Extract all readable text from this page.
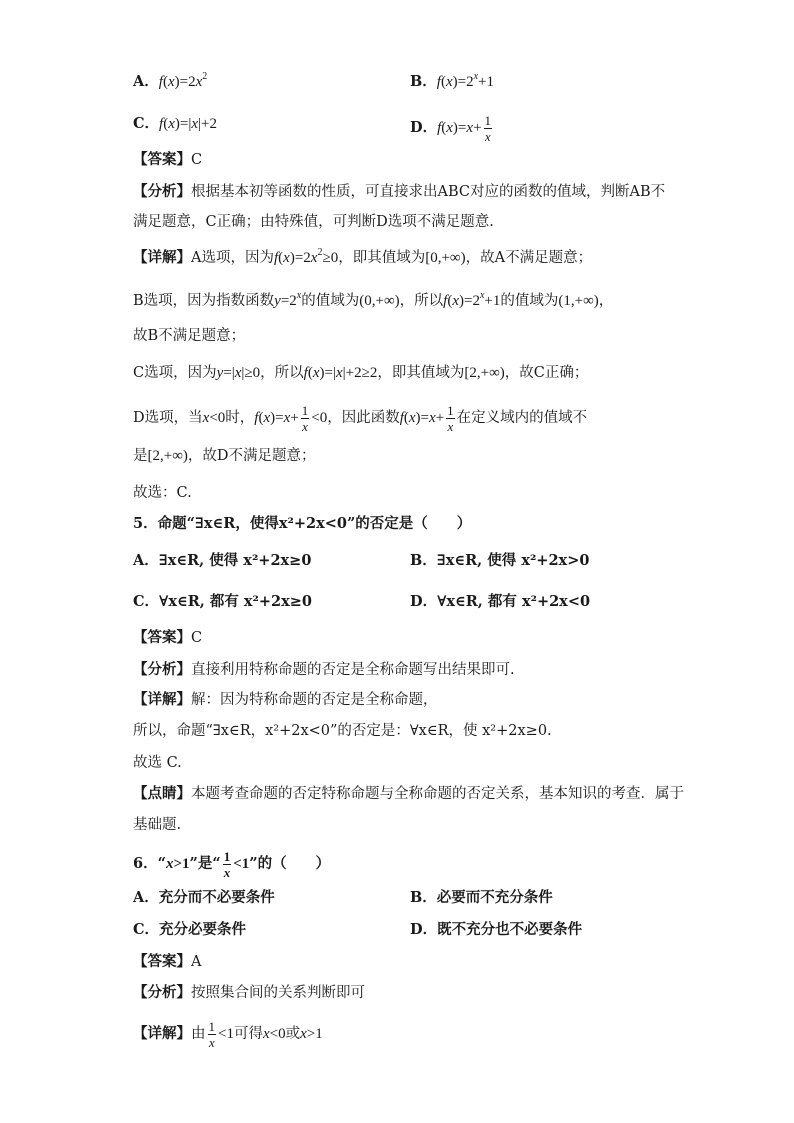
A．$f(x)=2x^2$	B．$f(x)=2^x+1$
C．f(x)=|x|+2	D．$f(x)=x+ \frac{1}{x}$
【答案】C
【分析】根据基本初等函数的性质，可直接求出ABC对应的函数的值域，判断AB不
满足题意，C正确；由特殊值，可判断D选项不满足题意.
【详解】A选项，因为$f(x)=2x^2\ge 0$，即其值域为[0,+∞)，故A不满足题意；
B选项，因为指数函数$y=2^x$的值域为(0,+∞)，所以$f(x)=2^x+1$的值域为(1,+∞)，
故B不满足题意；
C选项，因为y=|x|≥0，所以f(x)=|x|+2≥2，即其值域为[2,+∞)，故C正确；
D选项，当x<0时，$f(x)=x+ \frac{1}{x} <0$，因此函数$f(x)=x+ \frac{1}{x}$ 在定义域内的值域不
是[2,+∞)，故D不满足题意；
故选：C.
5．命题“∃x∈R，使得x²+2x<0”的否定是（　　）
A．∃x∈R, 使得 x²+2x≥0	B．∃x∈R, 使得 x²+2x>0
C．∀x∈R, 都有 x²+2x≥0	D．∀x∈R, 都有 x²+2x<0
【答案】C
【分析】直接利用特称命题的否定是全称命题写出结果即可.
【详解】解：因为特称命题的否定是全称命题，
所以，命题“∃x∈R，x²+2x<0”的否定是：∀x∈R，使 x²+2x≥0.
故选 C.
【点睛】本题考查命题的否定特称命题与全称命题的否定关系，基本知识的考查．属于
基础题.
6．“x>1”是“ $\frac{1}{x} <1$”的（　　）
A．充分而不必要条件	B．必要而不充分条件
C．充分必要条件	D．既不充分也不必要条件
【答案】A
【分析】按照集合间的关系判断即可
【详解】由 $\frac{1}{x} <1$可得x<0或x>1
